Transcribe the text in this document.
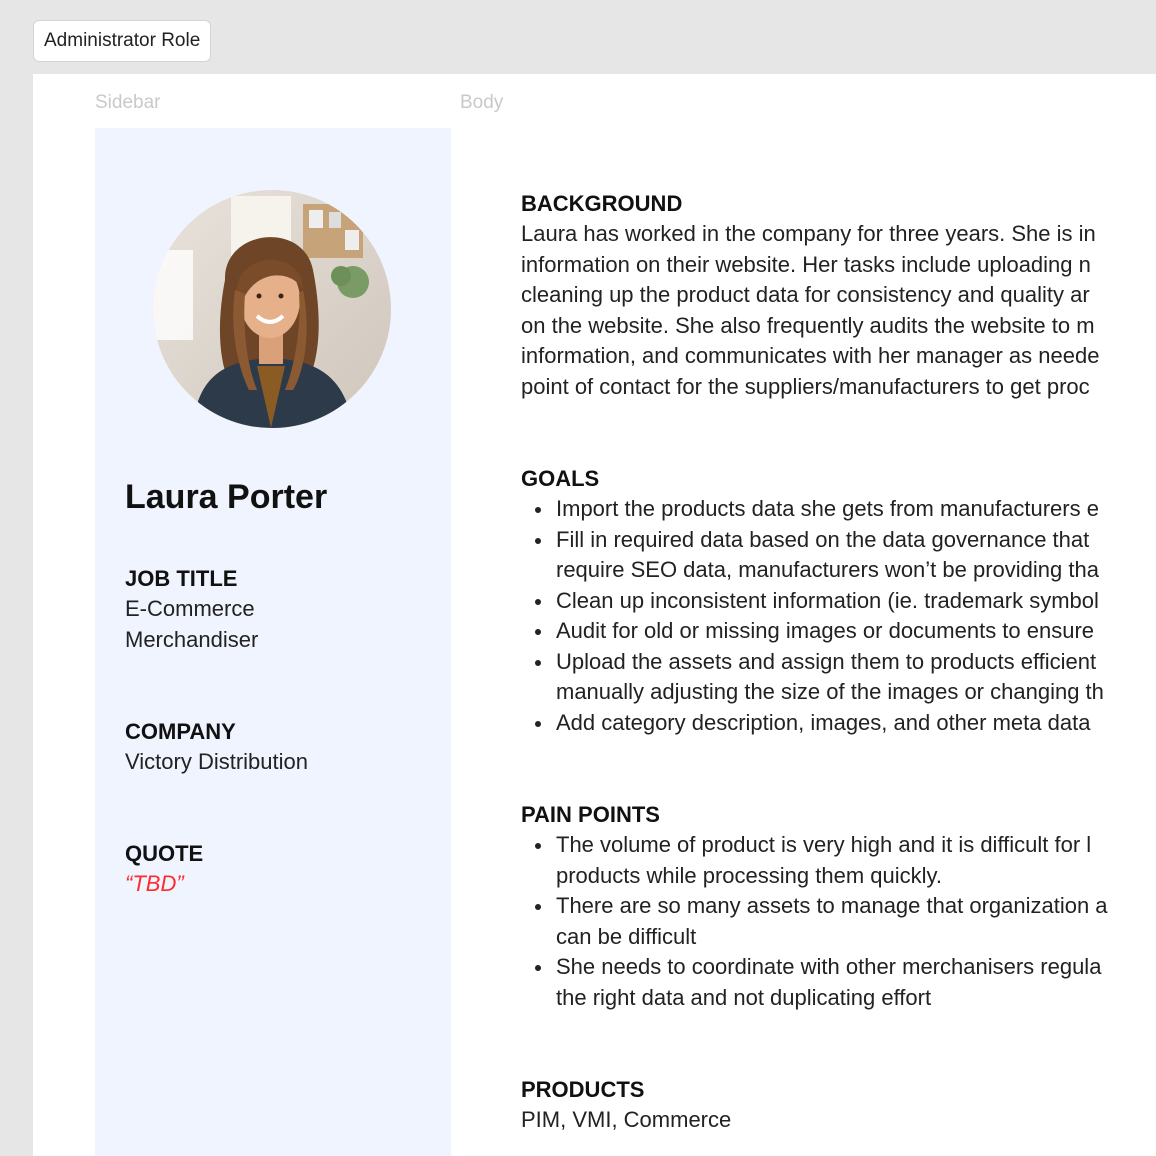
Administrator Role
Sidebar	Body
Laura Porter
JOB TITLE
E-Commerce
Merchandiser
COMPANY
Victory Distribution
QUOTE
“TBD”
BACKGROUND
Laura has worked in the company for three years. She is in
information on their website. Her tasks include uploading n
cleaning up the product data for consistency and quality ar
on the website. She also frequently audits the website to m
information, and communicates with her manager as neede
point of contact for the suppliers/manufacturers to get proc
GOALS
Import the products data she gets from manufacturers e
Fill in required data based on the data governance that
require SEO data, manufacturers won’t be providing tha
Clean up inconsistent information (ie. trademark symbol
Audit for old or missing images or documents to ensure
Upload the assets and assign them to products efficient
manually adjusting the size of the images or changing th
Add category description, images, and other meta data
PAIN POINTS
The volume of product is very high and it is difficult for l
products while processing them quickly.
There are so many assets to manage that organization a
can be difficult
She needs to coordinate with other merchanisers regula
the right data and not duplicating effort
PRODUCTS
PIM, VMI, Commerce
